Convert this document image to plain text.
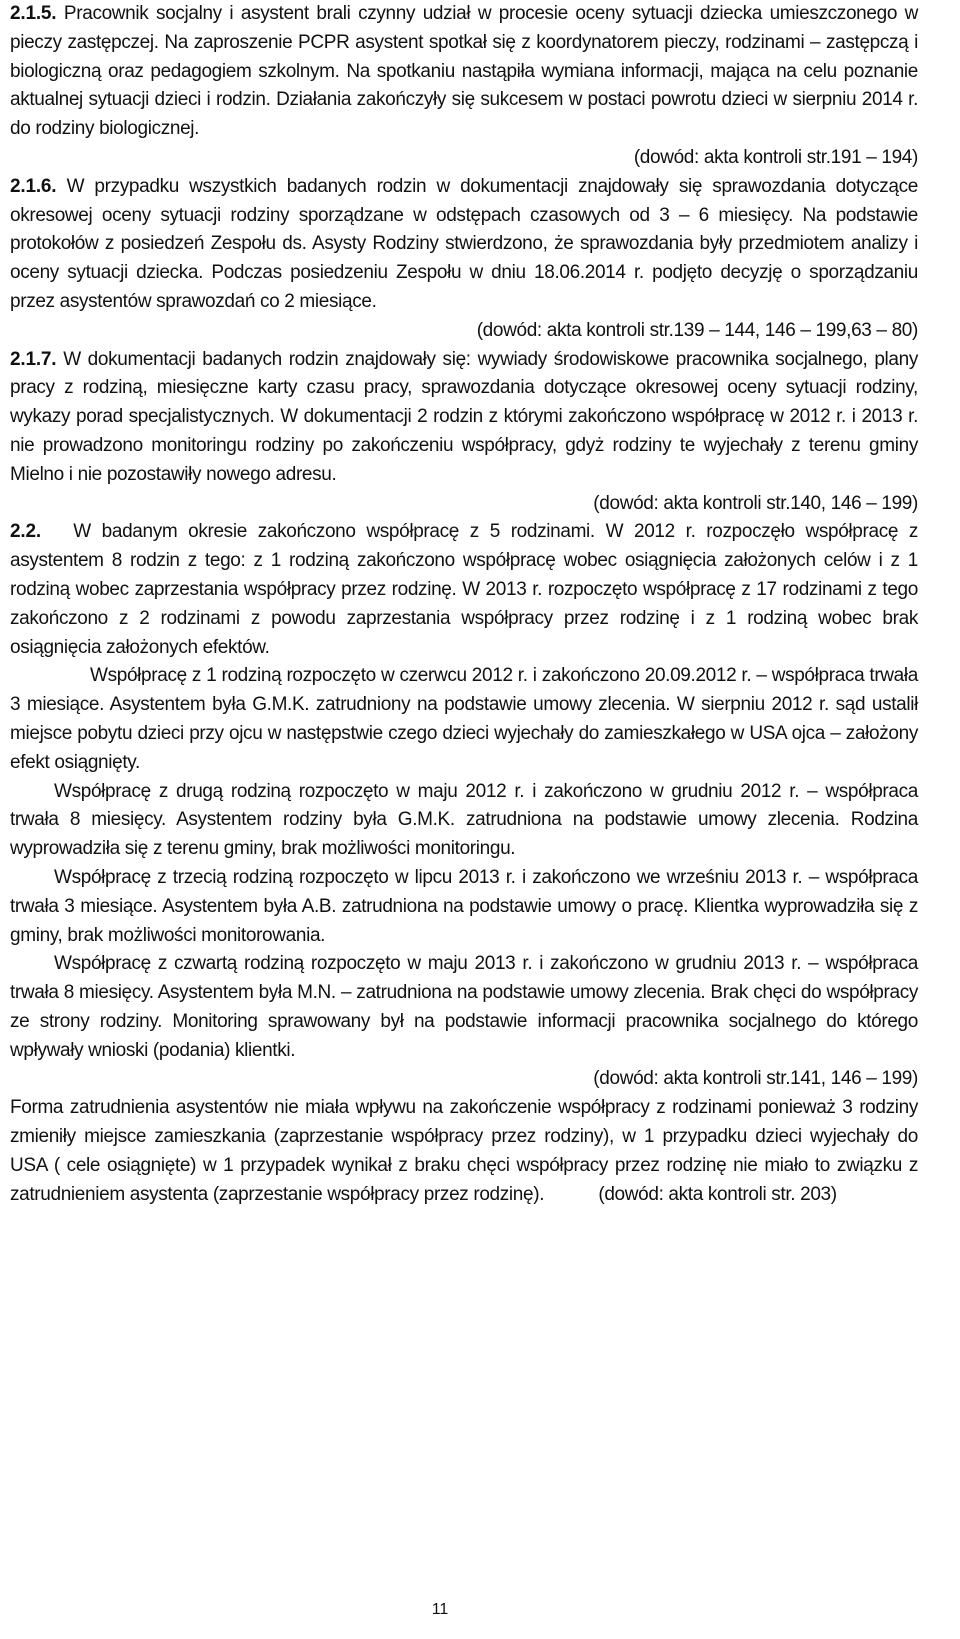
2.1.5. Pracownik socjalny i asystent brali czynny udział w procesie oceny sytuacji dziecka umieszczonego w pieczy zastępczej. Na zaproszenie PCPR asystent spotkał się z koordynatorem pieczy, rodzinami – zastępczą i biologiczną oraz pedagogiem szkolnym. Na spotkaniu nastąpiła wymiana informacji, mająca na celu poznanie aktualnej sytuacji dzieci i rodzin. Działania zakończyły się sukcesem w postaci powrotu dzieci w sierpniu 2014 r. do rodziny biologicznej.

(dowód: akta kontroli str.191 – 194)

2.1.6. W przypadku wszystkich badanych rodzin w dokumentacji znajdowały się sprawozdania dotyczące okresowej oceny sytuacji rodziny sporządzane w odstępach czasowych od 3 – 6 miesięcy. Na podstawie protokołów z posiedzeń Zespołu ds. Asysty Rodziny stwierdzono, że sprawozdania były przedmiotem analizy i oceny sytuacji dziecka. Podczas posiedzeniu Zespołu w dniu 18.06.2014 r. podjęto decyzję o sporządzaniu przez asystentów sprawozdań co 2 miesiące.

(dowód: akta kontroli str.139 – 144, 146 – 199,63 – 80)

2.1.7. W dokumentacji badanych rodzin znajdowały się: wywiady środowiskowe pracownika socjalnego, plany pracy z rodziną, miesięczne karty czasu pracy, sprawozdania dotyczące okresowej oceny sytuacji rodziny, wykazy porad specjalistycznych. W dokumentacji 2 rodzin z którymi zakończono współpracę w 2012 r. i 2013 r. nie prowadzono monitoringu rodziny po zakończeniu współpracy, gdyż rodziny te wyjechały z terenu gminy Mielno i nie pozostawiły nowego adresu.

(dowód: akta kontroli str.140, 146 – 199)

2.2. W badanym okresie zakończono współpracę z 5 rodzinami. W 2012 r. rozpoczęło współpracę z asystentem 8 rodzin z tego: z 1 rodziną zakończono współpracę wobec osiągnięcia założonych celów i z 1 rodziną wobec zaprzestania współpracy przez rodzinę. W 2013 r. rozpoczęto współpracę z 17 rodzinami z tego zakończono z 2 rodzinami z powodu zaprzestania współpracy przez rodzinę i z 1 rodziną wobec brak osiągnięcia założonych efektów.

Współpracę z 1 rodziną rozpoczęto w czerwcu 2012 r. i zakończono 20.09.2012 r. – współpraca trwała 3 miesiące. Asystentem była G.M.K. zatrudniony na podstawie umowy zlecenia. W sierpniu 2012 r. sąd ustalił miejsce pobytu dzieci przy ojcu w następstwie czego dzieci wyjechały do zamieszkałego w USA ojca – założony efekt osiągnięty.

Współpracę z drugą rodziną rozpoczęto w maju 2012 r. i zakończono w grudniu 2012 r. – współpraca trwała 8 miesięcy. Asystentem rodziny była G.M.K. zatrudniona na podstawie umowy zlecenia. Rodzina wyprowadziła się z terenu gminy, brak możliwości monitoringu.

Współpracę z trzecią rodziną rozpoczęto w lipcu 2013 r. i zakończono we wrześniu 2013 r. – współpraca trwała 3 miesiące. Asystentem była A.B. zatrudniona na podstawie umowy o pracę. Klientka wyprowadziła się z gminy, brak możliwości monitorowania.

Współpracę z czwartą rodziną rozpoczęto w maju 2013 r. i zakończono w grudniu 2013 r. – współpraca trwała 8 miesięcy. Asystentem była M.N. – zatrudniona na podstawie umowy zlecenia. Brak chęci do współpracy ze strony rodziny. Monitoring sprawowany był na podstawie informacji pracownika socjalnego do którego wpływały wnioski (podania) klientki.

(dowód: akta kontroli str.141, 146 – 199)

Forma zatrudnienia asystentów nie miała wpływu na zakończenie współpracy z rodzinami ponieważ 3 rodziny zmieniły miejsce zamieszkania (zaprzestanie współpracy przez rodziny), w 1 przypadku dzieci wyjechały do USA ( cele osiągnięte) w 1 przypadek wynikał z braku chęci współpracy przez rodzinę nie miało to związku z zatrudnieniem asystenta (zaprzestanie współpracy przez rodzinę).	(dowód: akta kontroli str. 203)

11
